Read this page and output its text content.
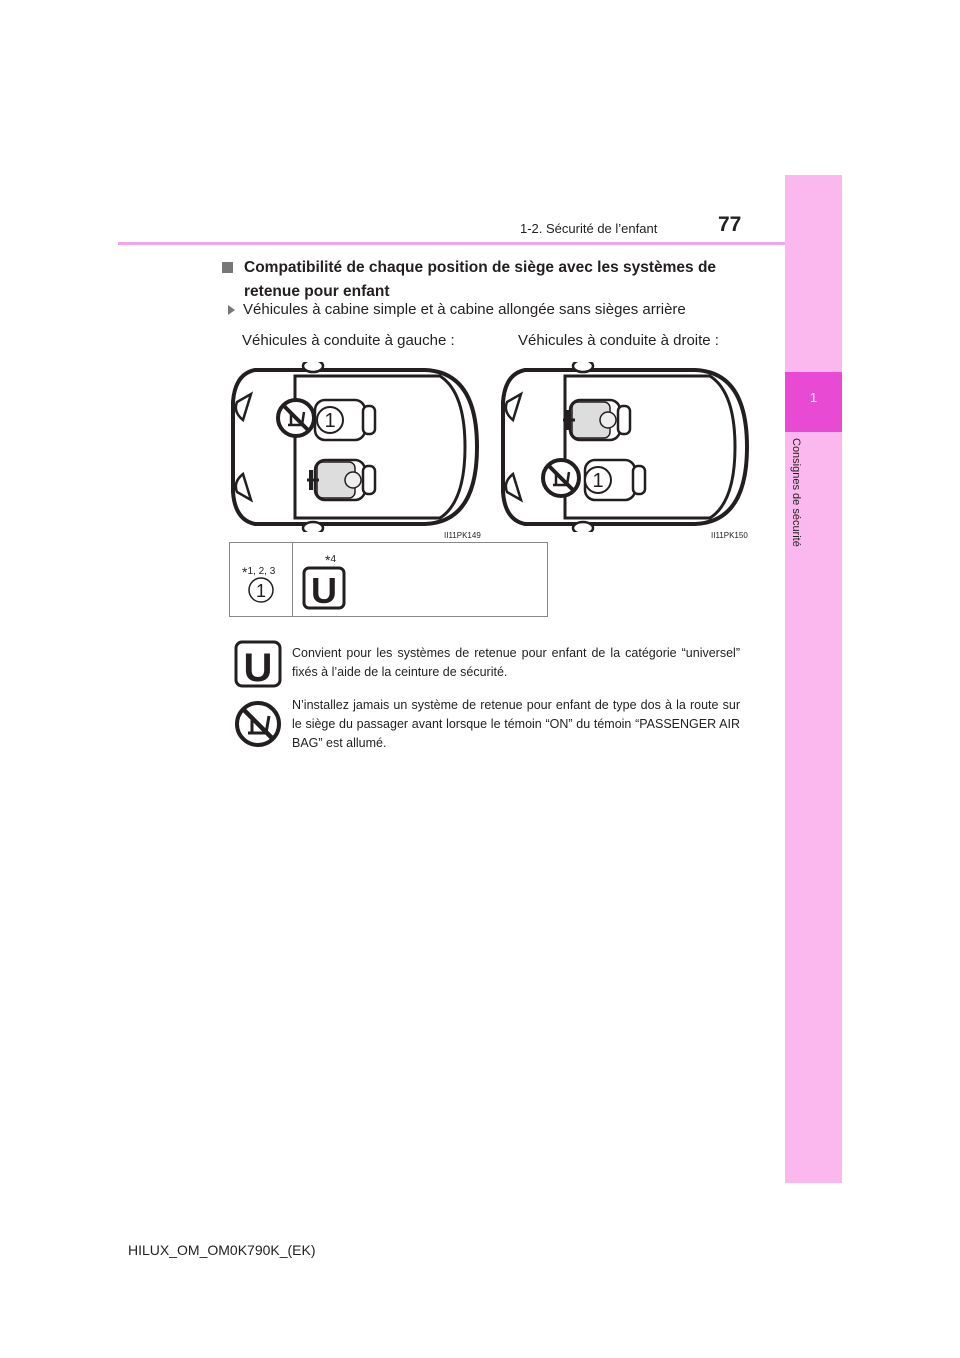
1
Consignes de sécurité
1-2. Sécurité de l’enfant	77
Compatibilité de chaque position de siège avec les systèmes de retenue pour enfant
Véhicules à cabine simple et à cabine allongée sans sièges arrière
Véhicules à conduite à gauche :	Véhicules à conduite à droite :
1
II11PK149
1
II11PK150
*1, 2, 3
1
*4
U
U Convient pour les systèmes de retenue pour enfant de la catégorie “universel” fixés à l’aide de la ceinture de sécurité.
N’installez jamais un système de retenue pour enfant de type dos à la route sur le siège du passager avant lorsque le témoin “ON” du témoin “PASSENGER AIR BAG” est allumé.
HILUX_OM_OM0K790K_(EK)
